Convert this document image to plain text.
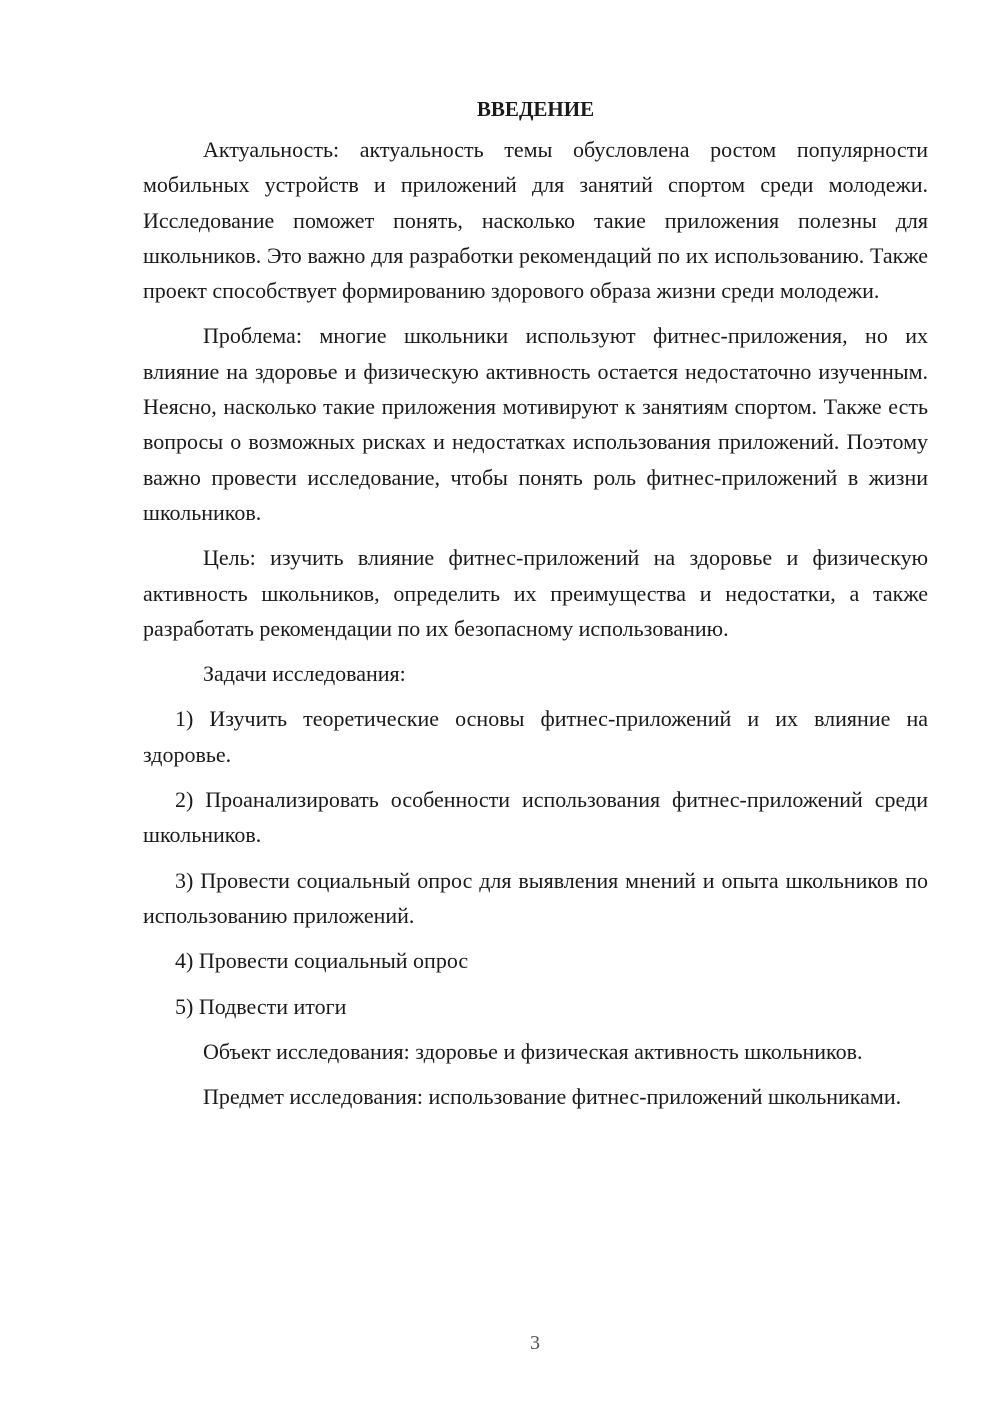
ВВЕДЕНИЕ

Актуальность: актуальность темы обусловлена ростом популярности мобильных устройств и приложений для занятий спортом среди молодежи. Исследование поможет понять, насколько такие приложения полезны для школьников. Это важно для разработки рекомендаций по их использованию. Также проект способствует формированию здорового образа жизни среди молодежи.

Проблема: многие школьники используют фитнес-приложения, но их влияние на здоровье и физическую активность остается недостаточно изученным. Неясно, насколько такие приложения мотивируют к занятиям спортом. Также есть вопросы о возможных рисках и недостатках использования приложений. Поэтому важно провести исследование, чтобы понять роль фитнес-приложений в жизни школьников.

Цель: изучить влияние фитнес-приложений на здоровье и физическую активность школьников, определить их преимущества и недостатки, а также разработать рекомендации по их безопасному использованию.

Задачи исследования:

1) Изучить теоретические основы фитнес-приложений и их влияние на здоровье.

2) Проанализировать особенности использования фитнес-приложений среди школьников.

3) Провести социальный опрос для выявления мнений и опыта школьников по использованию приложений.

4) Провести социальный опрос

5) Подвести итоги

Объект исследования: здоровье и физическая активность школьников.

Предмет исследования: использование фитнес-приложений школьниками.

3
